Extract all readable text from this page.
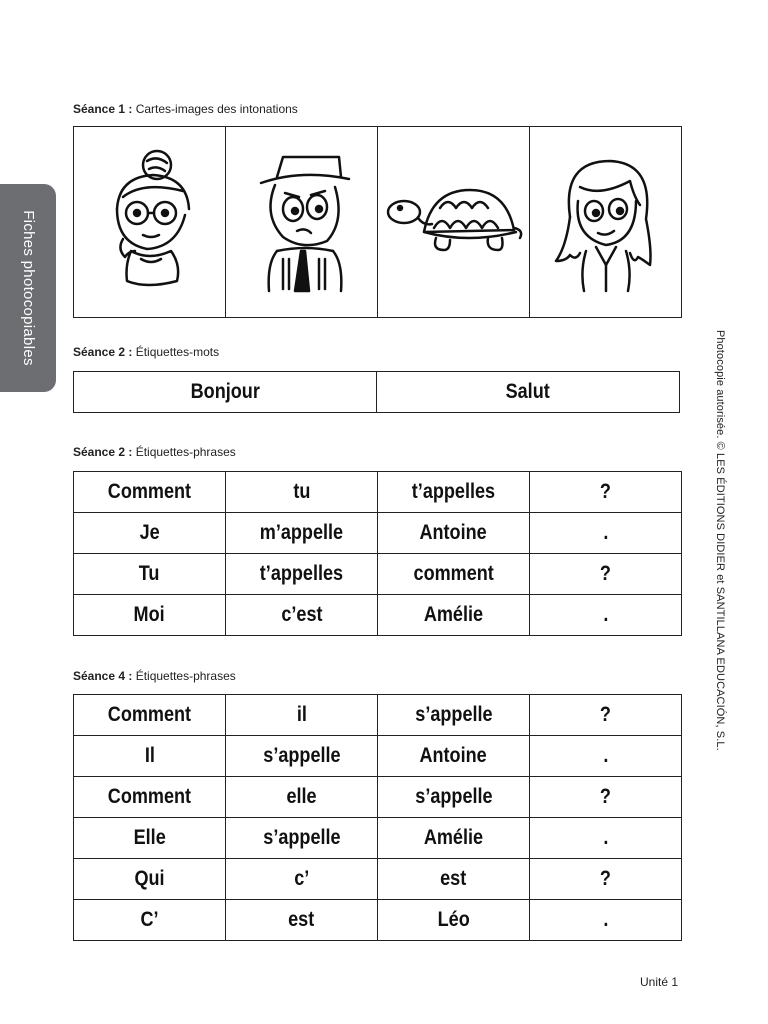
Fiches photocopiables
Photocopie autorisée. © LES ÉDITIONS DIDIER et SANTILLANA EDUCACIÓN, S.L.
Séance 1 : Cartes-images des intonations

Séance 2 : Étiquettes-mots
Bonjour	Salut
Séance 2 : Étiquettes-phrases
Comment	tu	t’appelles	?
Je	m’appelle	Antoine	.
Tu	t’appelles	comment	?
Moi	c’est	Amélie	.
Séance 4 : Étiquettes-phrases
Comment	il	s’appelle	?
Il	s’appelle	Antoine	.
Comment	elle	s’appelle	?
Elle	s’appelle	Amélie	.
Qui	c’	est	?
C’	est	Léo	.
Unité 1
